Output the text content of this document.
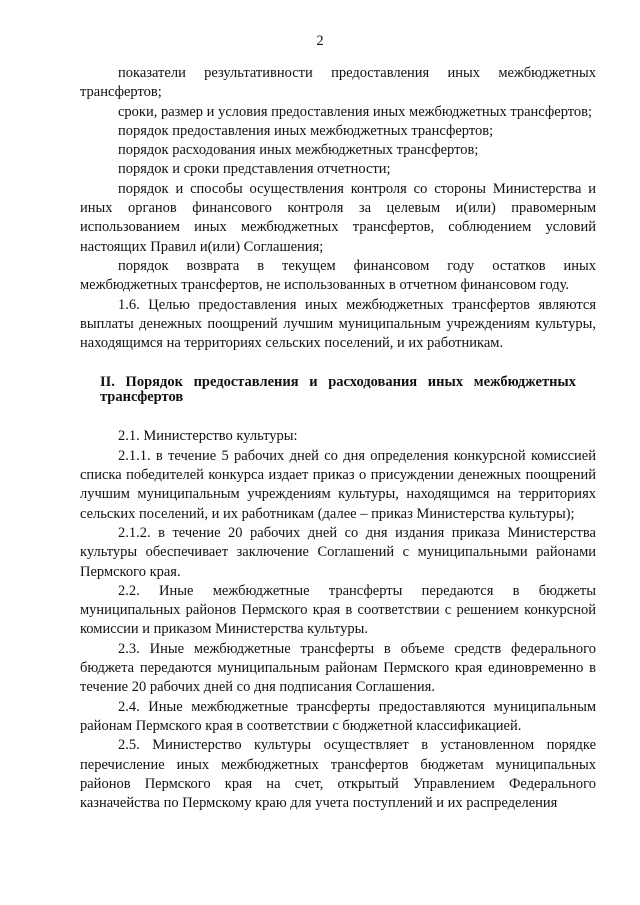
2

показатели результативности предоставления иных межбюджетных трансфертов;

сроки, размер и условия предоставления иных межбюджетных трансфертов;

порядок предоставления иных межбюджетных трансфертов;

порядок расходования иных межбюджетных трансфертов;

порядок и сроки представления отчетности;

порядок и способы осуществления контроля со стороны Министерства и иных органов финансового контроля за целевым и(или) правомерным использованием иных межбюджетных трансфертов, соблюдением условий настоящих Правил и(или) Соглашения;

порядок возврата в текущем финансовом году остатков иных межбюджетных трансфертов, не использованных в отчетном финансовом году.

1.6. Целью предоставления иных межбюджетных трансфертов являются выплаты денежных поощрений лучшим муниципальным учреждениям культуры, находящимся на территориях сельских поселений, и их работникам.

II. Порядок предоставления и расходования иных межбюджетных трансфертов

2.1. Министерство культуры:

2.1.1. в течение 5 рабочих дней со дня определения конкурсной комиссией списка победителей конкурса издает приказ о присуждении денежных поощрений лучшим муниципальным учреждениям культуры, находящимся на территориях сельских поселений, и их работникам (далее – приказ Министерства культуры);

2.1.2. в течение 20 рабочих дней со дня издания приказа Министерства культуры обеспечивает заключение Соглашений с муниципальными районами Пермского края.

2.2. Иные межбюджетные трансферты передаются в бюджеты муниципальных районов Пермского края в соответствии с решением конкурсной комиссии и приказом Министерства культуры.

2.3. Иные межбюджетные трансферты в объеме средств федерального бюджета передаются муниципальным районам Пермского края единовременно в течение 20 рабочих дней со дня подписания Соглашения.

2.4. Иные межбюджетные трансферты предоставляются муниципальным районам Пермского края в соответствии с бюджетной классификацией.

2.5. Министерство культуры осуществляет в установленном порядке перечисление иных межбюджетных трансфертов бюджетам муниципальных районов Пермского края на счет, открытый Управлением Федерального казначейства по Пермскому краю для учета поступлений и их распределения
